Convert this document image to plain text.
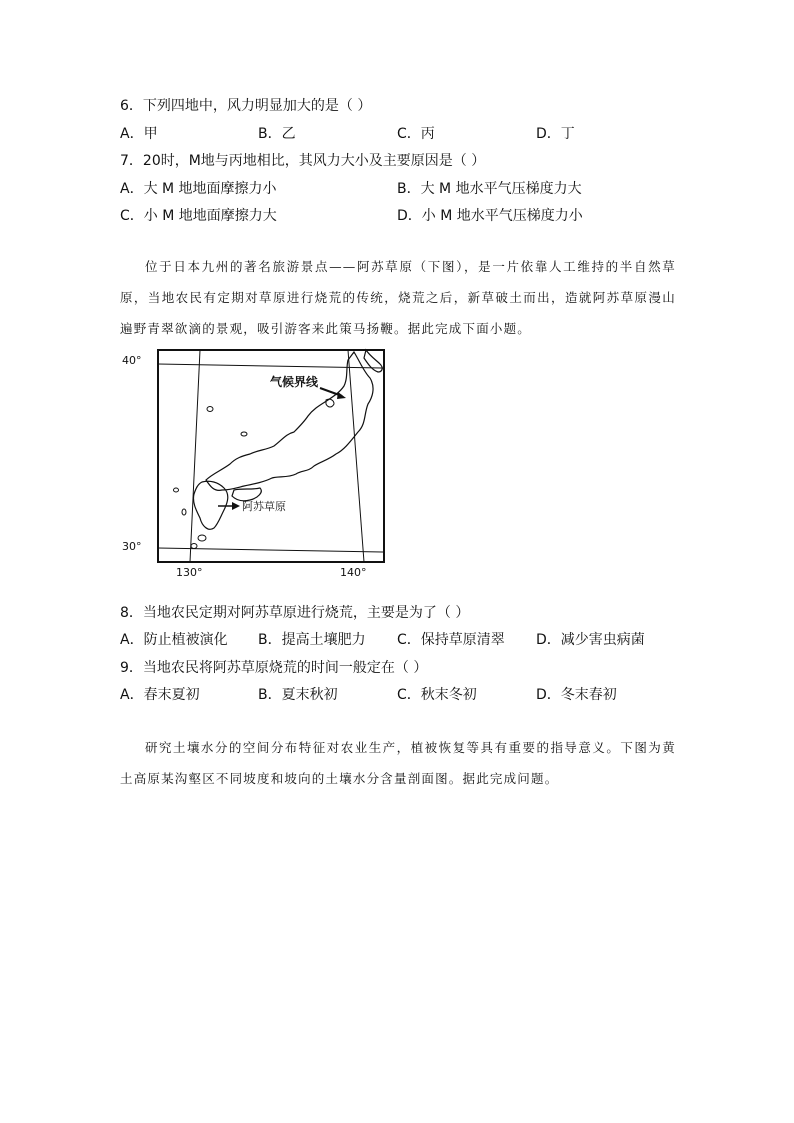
6．下列四地中，风力明显加大的是（ ）
A．甲	B．乙	C．丙	D．丁
7．20时，M地与丙地相比，其风力大小及主要原因是（ ）
A．大 M 地地面摩擦力小	B．大 M 地水平气压梯度力大
C．小 M 地地面摩擦力大	D．小 M 地水平气压梯度力小

位于日本九州的著名旅游景点——阿苏草原（下图），是一片依靠人工维持的半自然草原，当地农民有定期对草原进行烧荒的传统，烧荒之后，新草破土而出，造就阿苏草原漫山遍野青翠欲滴的景观，吸引游客来此策马扬鞭。据此完成下面小题。

气候界线
阿苏草原
40°
30°
130°	140°
8．当地农民定期对阿苏草原进行烧荒，主要是为了（ ）
A．防止植被演化 B．提高土壤肥力 C．保持草原清翠 D．减少害虫病菌
9．当地农民将阿苏草原烧荒的时间一般定在（ ）
A．春末夏初	B．夏末秋初	C．秋末冬初	D．冬末春初

研究土壤水分的空间分布特征对农业生产，植被恢复等具有重要的指导意义。下图为黄土高原某沟壑区不同坡度和坡向的土壤水分含量剖面图。据此完成问题。
